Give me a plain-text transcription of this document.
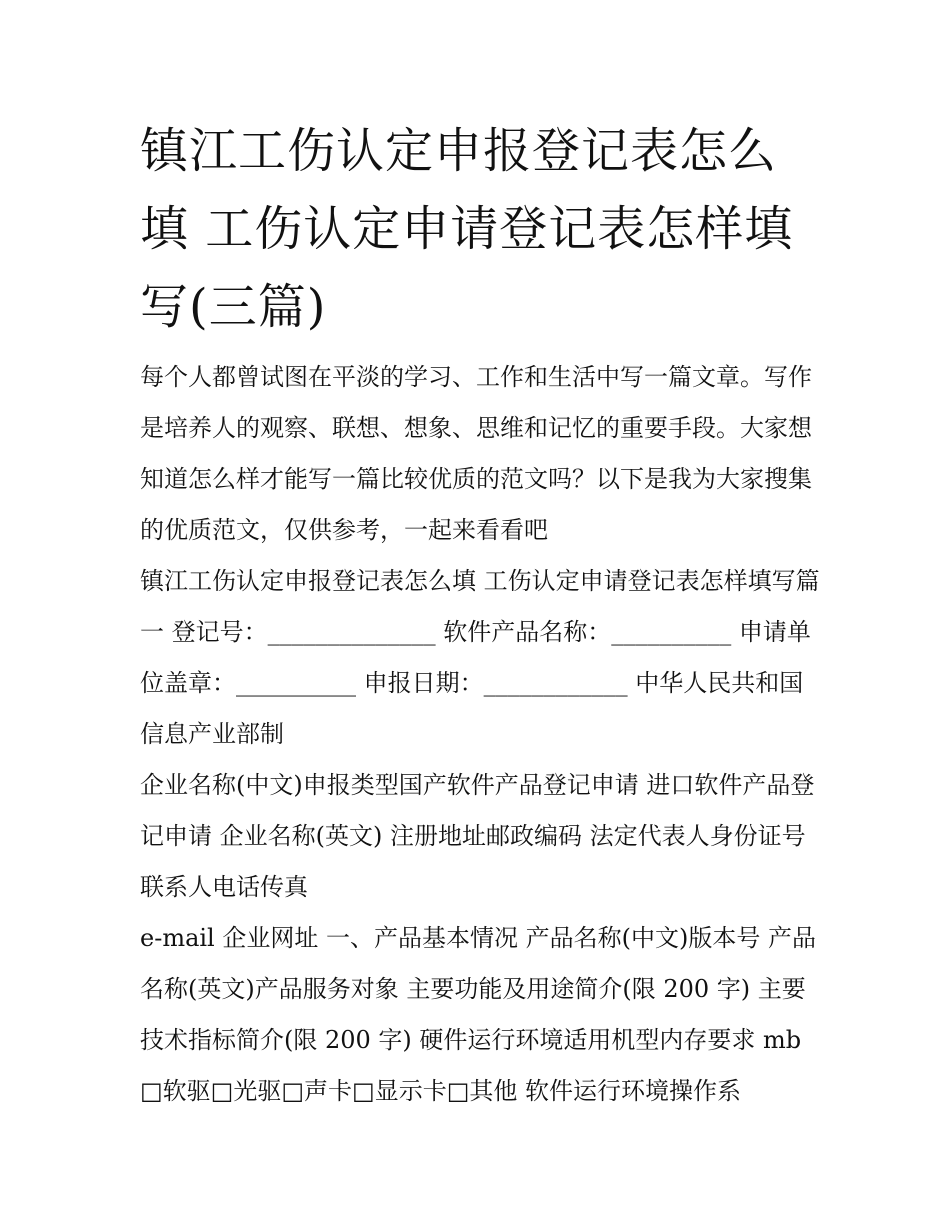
镇江工伤认定申报登记表怎么填 工伤认定申请登记表怎样填写(三篇)

每个人都曾试图在平淡的学习、工作和生活中写一篇文章。写作是培养人的观察、联想、想象、思维和记忆的重要手段。大家想知道怎么样才能写一篇比较优质的范文吗？以下是我为大家搜集的优质范文，仅供参考，一起来看看吧

镇江工伤认定申报登记表怎么填 工伤认定申请登记表怎样填写篇一 登记号：______________ 软件产品名称：__________ 申请单位盖章：__________ 申报日期：____________ 中华人民共和国信息产业部制

企业名称(中文)申报类型国产软件产品登记申请 进口软件产品登记申请 企业名称(英文) 注册地址邮政编码 法定代表人身份证号 联系人电话传真

e-mail 企业网址 一、产品基本情况 产品名称(中文)版本号 产品名称(英文)产品服务对象 主要功能及用途简介(限 200 字) 主要技术指标简介(限 200 字) 硬件运行环境适用机型内存要求 mb □软驱□光驱□声卡□显示卡□其他 软件运行环境操作系
